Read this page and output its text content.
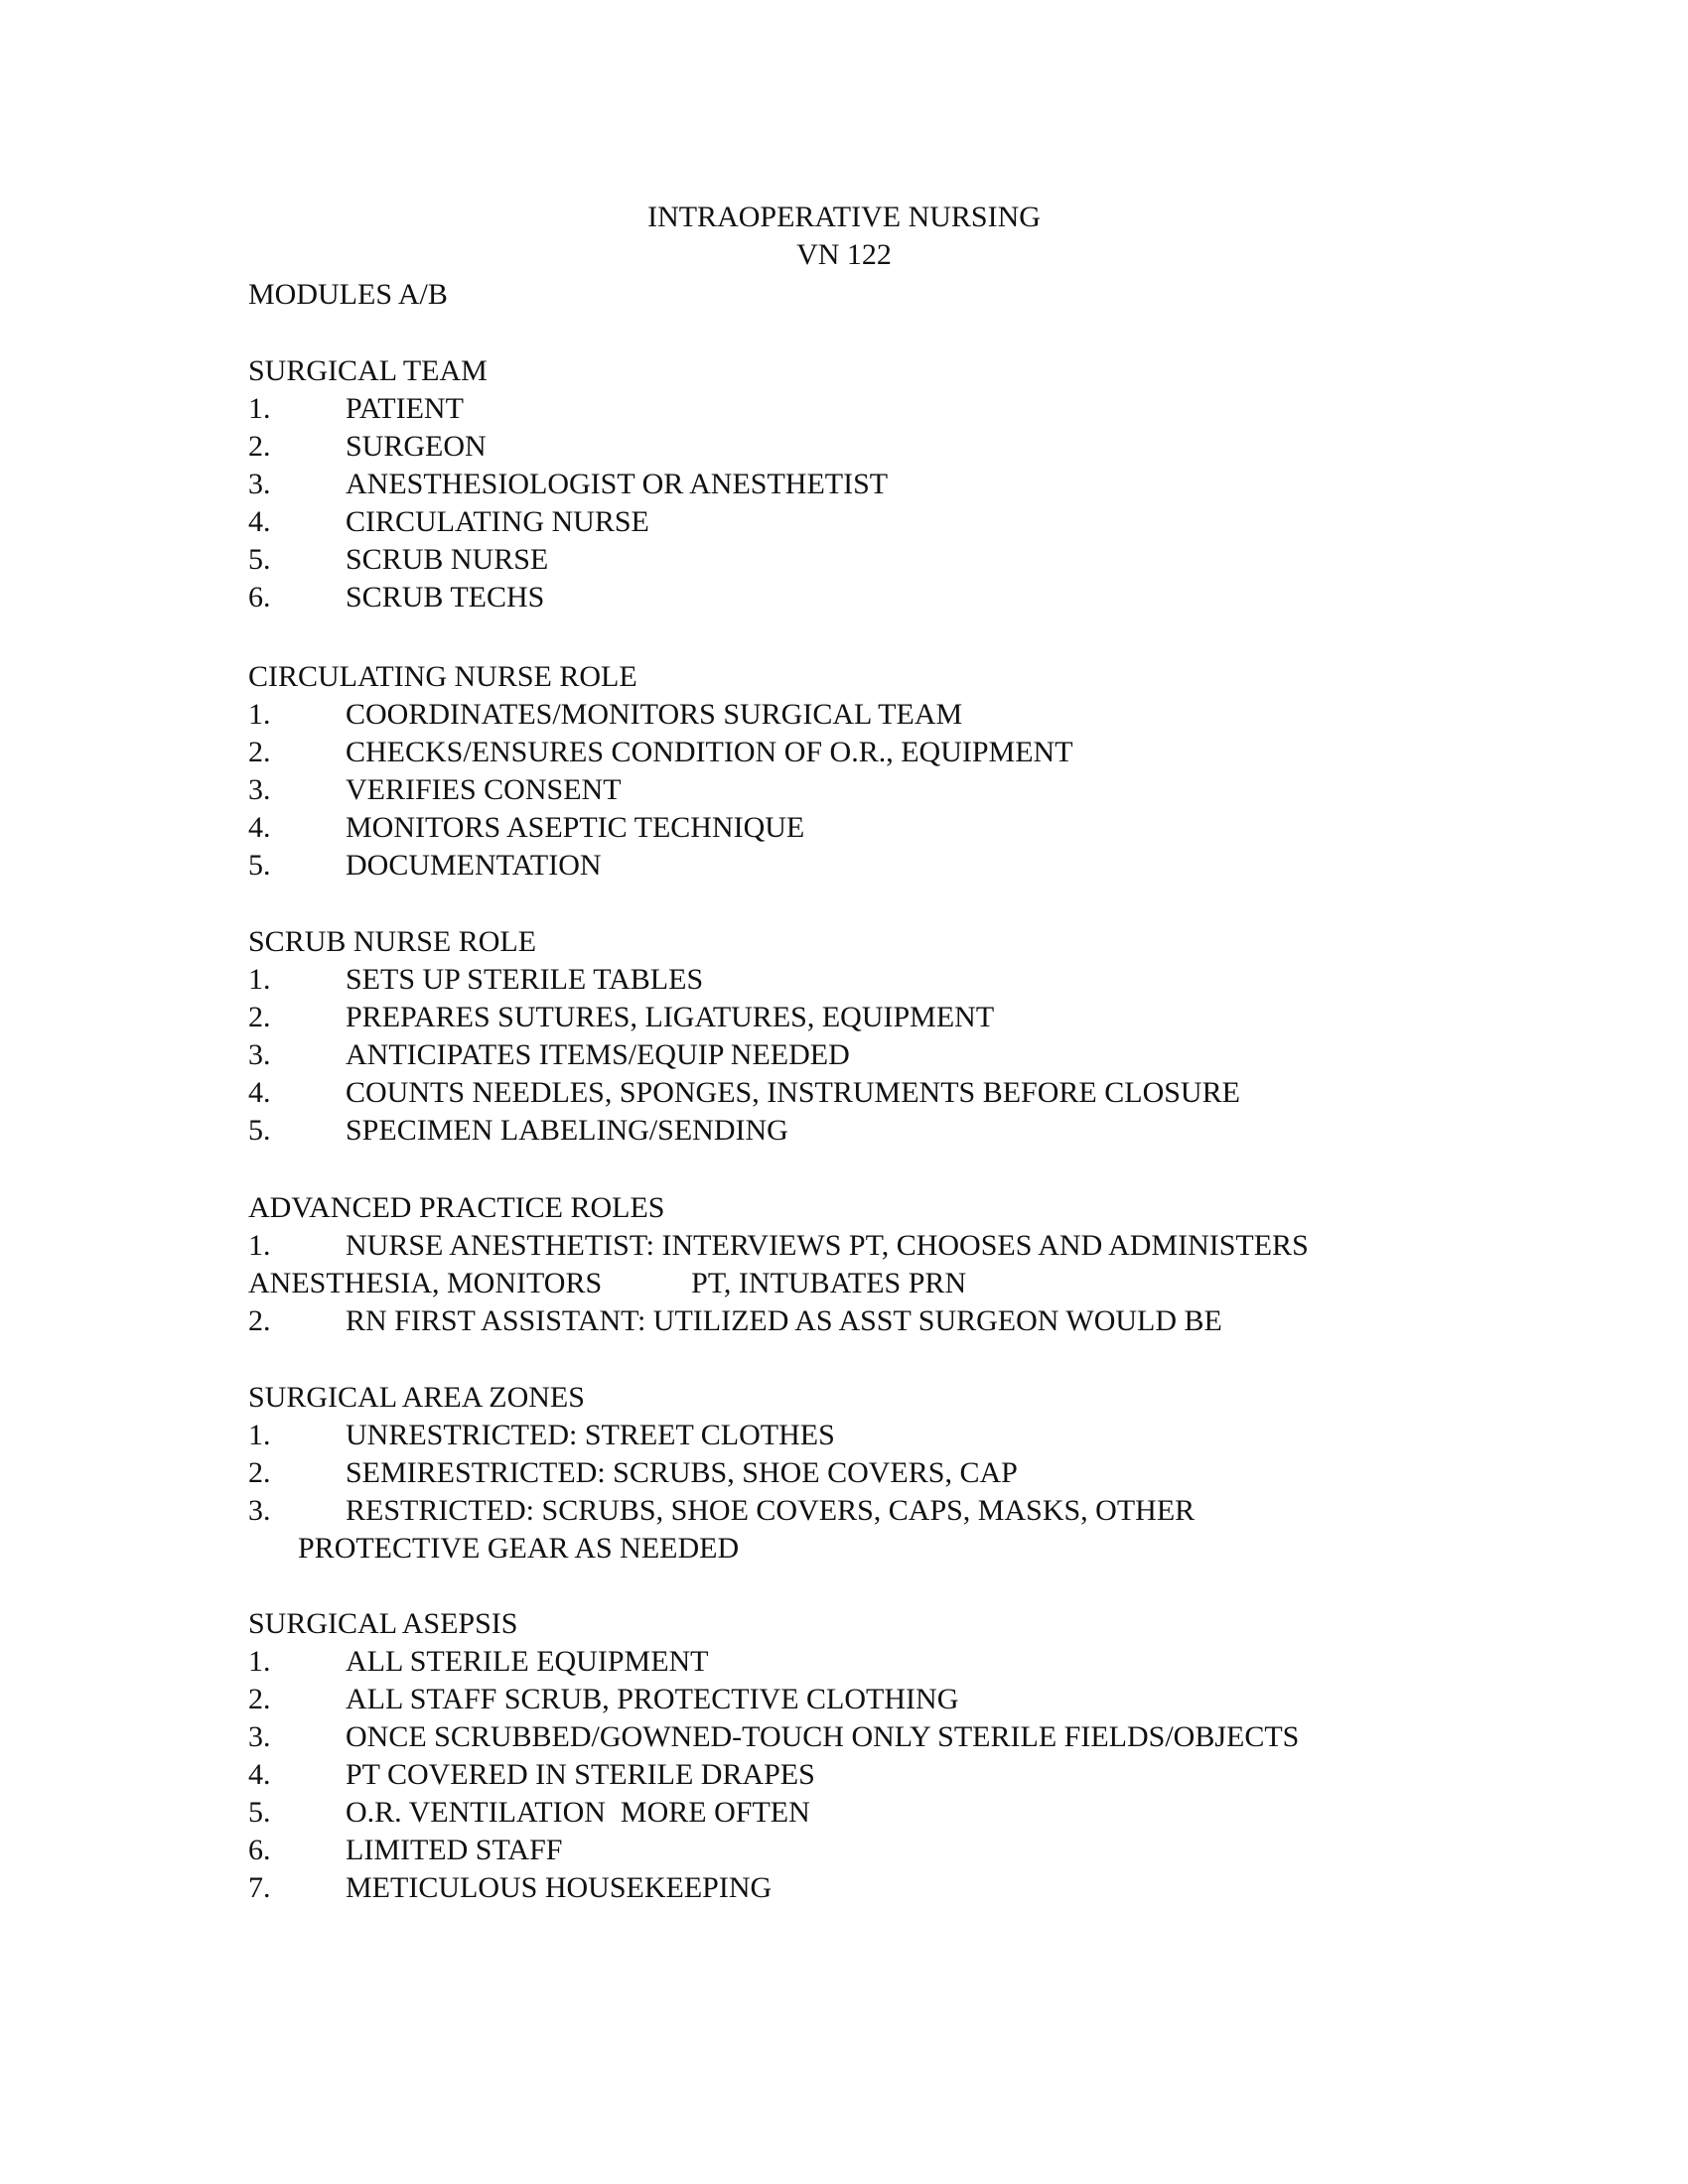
INTRAOPERATIVE NURSING
VN 122
MODULES A/B
SURGICAL TEAM
1.	PATIENT
2.	SURGEON
3.	ANESTHESIOLOGIST OR ANESTHETIST
4.	CIRCULATING NURSE
5.	SCRUB NURSE
6.	SCRUB TECHS
CIRCULATING NURSE ROLE
1.	COORDINATES/MONITORS SURGICAL TEAM
2.	CHECKS/ENSURES CONDITION OF O.R., EQUIPMENT
3.	VERIFIES CONSENT
4.	MONITORS ASEPTIC TECHNIQUE
5.	DOCUMENTATION
SCRUB NURSE ROLE
1.	SETS UP STERILE TABLES
2.	PREPARES SUTURES, LIGATURES, EQUIPMENT
3.	ANTICIPATES ITEMS/EQUIP NEEDED
4.	COUNTS NEEDLES, SPONGES, INSTRUMENTS BEFORE CLOSURE
5.	SPECIMEN LABELING/SENDING
ADVANCED PRACTICE ROLES
1.	NURSE ANESTHETIST: INTERVIEWS PT, CHOOSES AND ADMINISTERS
ANESTHESIA, MONITORS            PT, INTUBATES PRN
2.	RN FIRST ASSISTANT: UTILIZED AS ASST SURGEON WOULD BE
SURGICAL AREA ZONES
1.	UNRESTRICTED: STREET CLOTHES
2.	SEMIRESTRICTED: SCRUBS, SHOE COVERS, CAP
3.	RESTRICTED: SCRUBS, SHOE COVERS, CAPS, MASKS, OTHER
PROTECTIVE GEAR AS NEEDED
SURGICAL ASEPSIS
1.	ALL STERILE EQUIPMENT
2.	ALL STAFF SCRUB, PROTECTIVE CLOTHING
3.	ONCE SCRUBBED/GOWNED-TOUCH ONLY STERILE FIELDS/OBJECTS
4.	PT COVERED IN STERILE DRAPES
5.	O.R. VENTILATION  MORE OFTEN
6.	LIMITED STAFF
7.	METICULOUS HOUSEKEEPING
